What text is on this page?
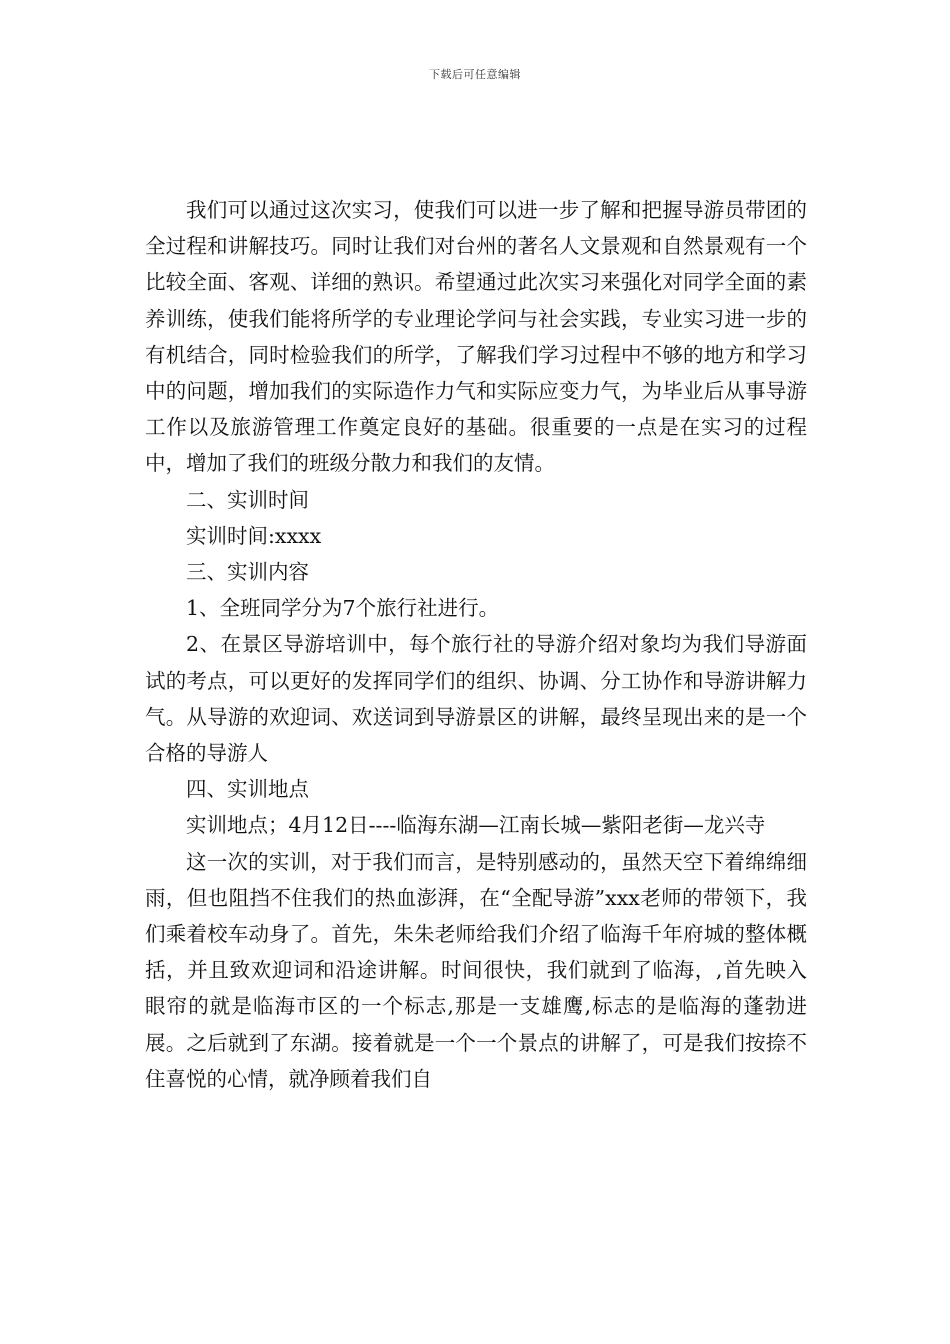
下载后可任意编辑

我们可以通过这次实习，使我们可以进一步了解和把握导游员带团的全过程和讲解技巧。同时让我们对台州的著名人文景观和自然景观有一个比较全面、客观、详细的熟识。希望通过此次实习来强化对同学全面的素养训练，使我们能将所学的专业理论学问与社会实践，专业实习进一步的有机结合，同时检验我们的所学，了解我们学习过程中不够的地方和学习中的问题，增加我们的实际造作力气和实际应变力气，为毕业后从事导游工作以及旅游管理工作奠定良好的基础。很重要的一点是在实习的过程中，增加了我们的班级分散力和我们的友情。

二、实训时间

实训时间:xxxx

三、实训内容

1、全班同学分为7个旅行社进行。

2、在景区导游培训中，每个旅行社的导游介绍对象均为我们导游面试的考点，可以更好的发挥同学们的组织、协调、分工协作和导游讲解力气。从导游的欢迎词、欢送词到导游景区的讲解，最终呈现出来的是一个合格的导游人

四、实训地点

实训地点；4月12日----临海东湖—江南长城—紫阳老街—龙兴寺

这一次的实训，对于我们而言，是特别感动的，虽然天空下着绵绵细雨，但也阻挡不住我们的热血澎湃，在“全配导游”xxx老师的带领下，我们乘着校车动身了。首先，朱朱老师给我们介绍了临海千年府城的整体概括，并且致欢迎词和沿途讲解。时间很快，我们就到了临海，,首先映入眼帘的就是临海市区的一个标志,那是一支雄鹰,标志的是临海的蓬勃进展。之后就到了东湖。接着就是一个一个景点的讲解了，可是我们按捺不住喜悦的心情，就净顾着我们自
